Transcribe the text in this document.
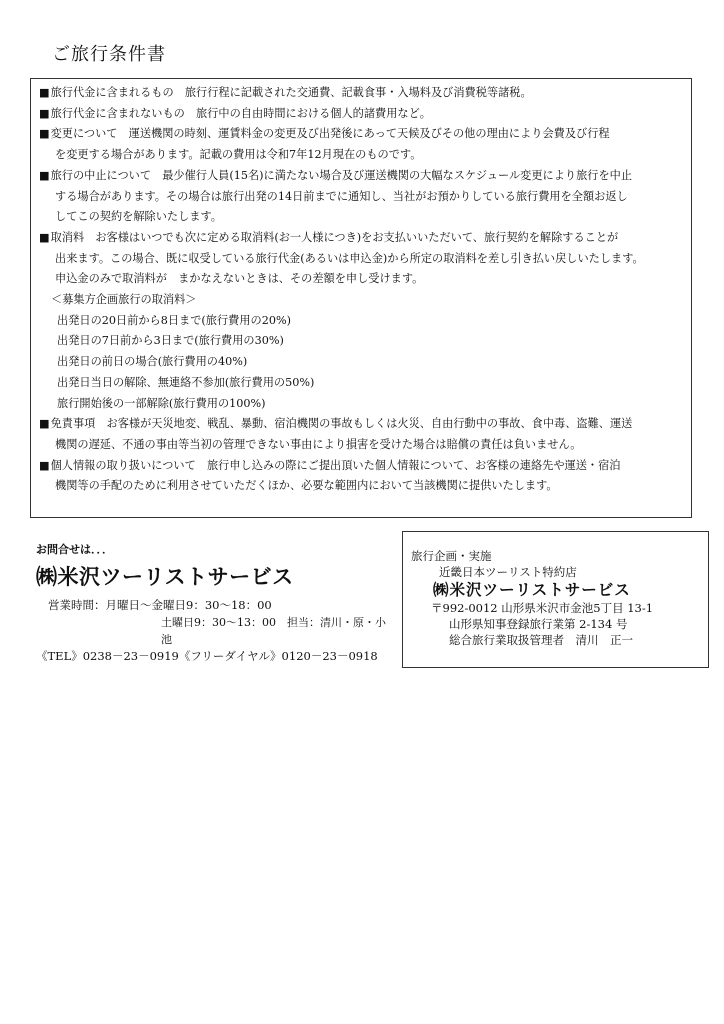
ご旅行条件書
■ 旅行代金に含まれるもの　旅行行程に記載された交通費、記載食事・入場料及び消費税等諸税。
■ 旅行代金に含まれないもの　旅行中の自由時間における個人的諸費用など。
■ 変更について　運送機関の時刻、運賃料金の変更及び出発後にあって天候及びその他の理由により会費及び行程
を変更する場合があります。記載の費用は令和7年12月現在のものです。
■ 旅行の中止について　最少催行人員(15名)に満たない場合及び運送機関の大幅なスケジュール変更により旅行を中止
する場合があります。その場合は旅行出発の14日前までに通知し、当社がお預かりしている旅行費用を全額お返し
してこの契約を解除いたします。
■ 取消料　お客様はいつでも次に定める取消料(お一人様につき)をお支払いいただいて、旅行契約を解除することが
出来ます。この場合、既に収受している旅行代金(あるいは申込金)から所定の取消料を差し引き払い戻しいたします。
申込金のみで取消料が　まかなえないときは、その差額を申し受けます。
＜募集方企画旅行の取消料＞
出発日の20日前から8日まで(旅行費用の20%)
出発日の7日前から3日まで(旅行費用の30%)
出発日の前日の場合(旅行費用の40%)
出発日当日の解除、無連絡不参加(旅行費用の50%)
旅行開始後の一部解除(旅行費用の100%)
■ 免責事項　お客様が天災地変、戦乱、暴動、宿泊機関の事故もしくは火災、自由行動中の事故、食中毒、盗難、運送
機関の遅延、不通の事由等当初の管理できない事由により損害を受けた場合は賠償の責任は負いません。
■ 個人情報の取り扱いについて　旅行申し込みの際にご提出頂いた個人情報について、お客様の連絡先や運送・宿泊
機関等の手配のために利用させていただくほか、必要な範囲内において当該機関に提供いたします。
お問合せは．．．
㈱米沢ツーリストサービス
営業時間：月曜日～金曜日9：30～18：00
土曜日9：30～13：00　担当：清川・原・小池
《TEL》0238－23－0919《フリーダイヤル》0120－23－0918
旅行企画・実施
近畿日本ツーリスト特約店
㈱米沢ツーリストサービス
〒992-0012 山形県米沢市金池5丁目 13-1
山形県知事登録旅行業第 2-134 号
総合旅行業取扱管理者　清川　正一
